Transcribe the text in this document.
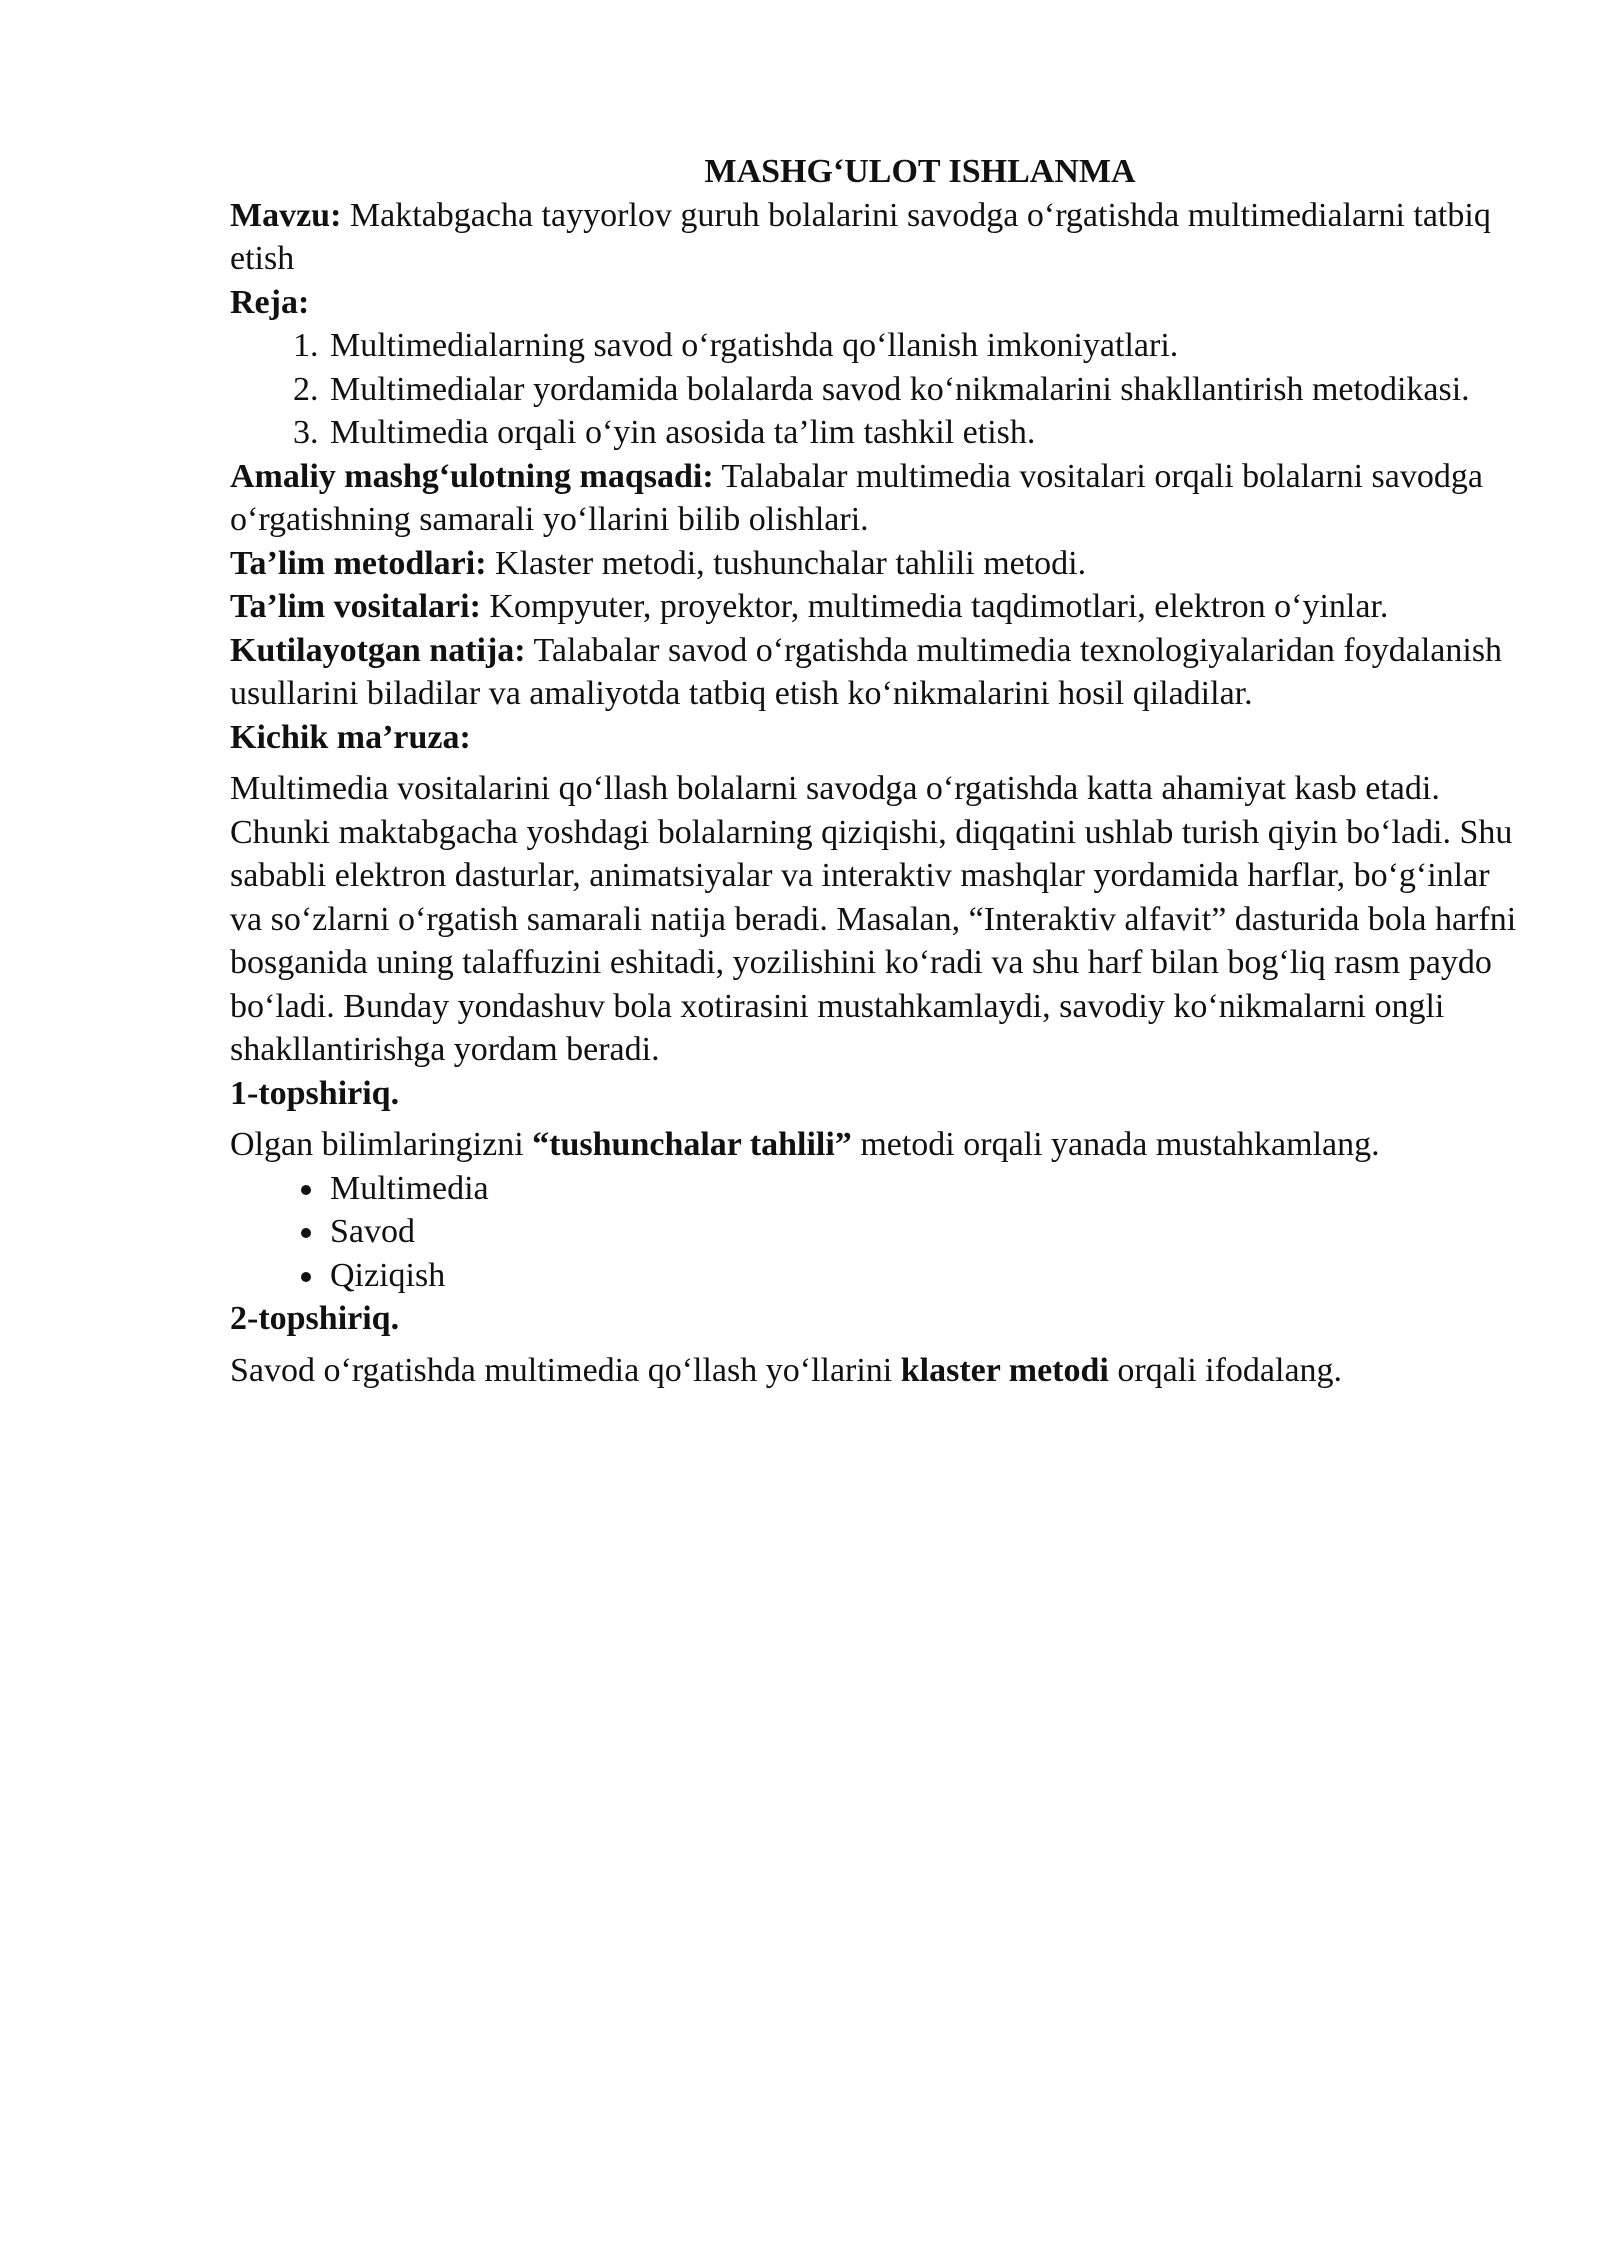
MASHG‘ULOT ISHLANMA

Mavzu: Maktabgacha tayyorlov guruh bolalarini savodga o‘rgatishda multimedialarni tatbiq etish

Reja:

1. Multimedialarning savod o‘rgatishda qo‘llanish imkoniyatlari.
2. Multimedialar yordamida bolalarda savod ko‘nikmalarini shakllantirish metodikasi.
3. Multimedia orqali o‘yin asosida ta’lim tashkil etish.

Amaliy mashg‘ulotning maqsadi: Talabalar multimedia vositalari orqali bolalarni savodga o‘rgatishning samarali yo‘llarini bilib olishlari.

Ta’lim metodlari: Klaster metodi, tushunchalar tahlili metodi.

Ta’lim vositalari: Kompyuter, proyektor, multimedia taqdimotlari, elektron o‘yinlar.

Kutilayotgan natija: Talabalar savod o‘rgatishda multimedia texnologiyalaridan foydalanish usullarini biladilar va amaliyotda tatbiq etish ko‘nikmalarini hosil qiladilar.

Kichik ma’ruza:

Multimedia vositalarini qo‘llash bolalarni savodga o‘rgatishda katta ahamiyat kasb etadi. Chunki maktabgacha yoshdagi bolalarning qiziqishi, diqqatini ushlab turish qiyin bo‘ladi. Shu sababli elektron dasturlar, animatsiyalar va interaktiv mashqlar yordamida harflar, bo‘g‘inlar va so‘zlarni o‘rgatish samarali natija beradi. Masalan, “Interaktiv alfavit” dasturida bola harfni bosganida uning talaffuzini eshitadi, yozilishini ko‘radi va shu harf bilan bog‘liq rasm paydo bo‘ladi. Bunday yondashuv bola xotirasini mustahkamlaydi, savodiy ko‘nikmalarni ongli shakllantirishga yordam beradi.

1-topshiriq.

Olgan bilimlaringizni “tushunchalar tahlili” metodi orqali yanada mustahkamlang.

• Multimedia
• Savod
• Qiziqish

2-topshiriq.

Savod o‘rgatishda multimedia qo‘llash yo‘llarini klaster metodi orqali ifodalang.
